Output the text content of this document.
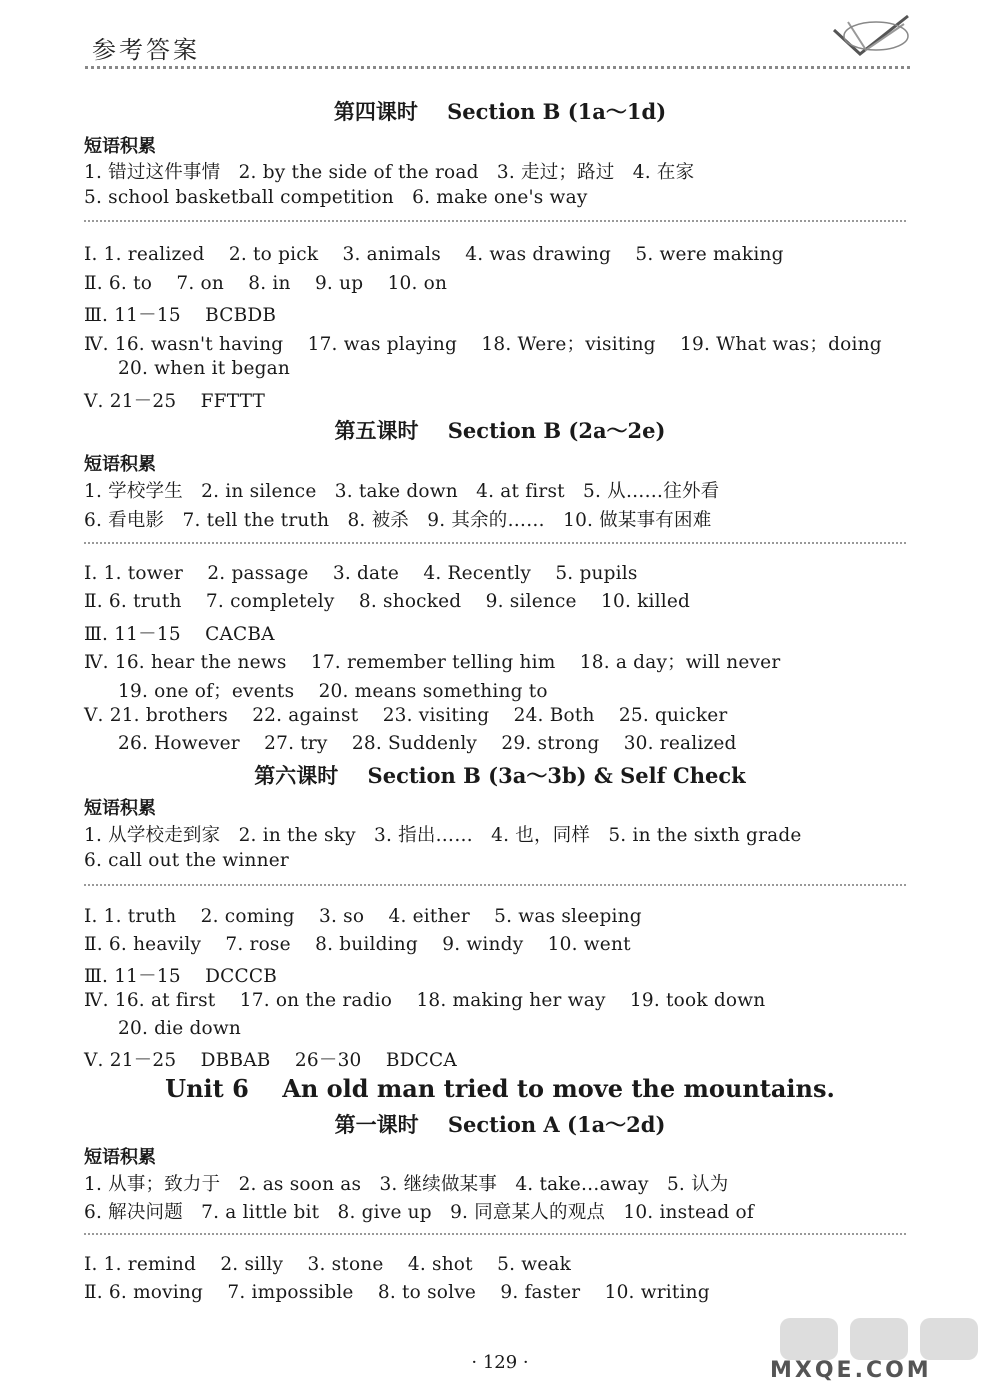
参考答案
第四课时    Section B (1a～1d)
短语积累
1. 错过这件事情   2. by the side of the road   3. 走过；路过   4. 在家
5. school basketball competition   6. make one's way
Ⅰ. 1. realized    2. to pick    3. animals    4. was drawing    5. were making
Ⅱ. 6. to    7. on    8. in    9. up    10. on
Ⅲ. 11－15    BCBDB
Ⅳ. 16. wasn't having    17. was playing    18. Were；visiting    19. What was；doing
20. when it began
Ⅴ. 21－25    FFTTT
第五课时    Section B (2a～2e)
短语积累
1. 学校学生   2. in silence   3. take down   4. at first   5. 从……往外看
6. 看电影   7. tell the truth   8. 被杀   9. 其余的……   10. 做某事有困难
Ⅰ. 1. tower    2. passage    3. date    4. Recently    5. pupils
Ⅱ. 6. truth    7. completely    8. shocked    9. silence    10. killed
Ⅲ. 11－15    CACBA
Ⅳ. 16. hear the news    17. remember telling him    18. a day；will never
19. one of；events    20. means something to
Ⅴ. 21. brothers    22. against    23. visiting    24. Both    25. quicker
26. However    27. try    28. Suddenly    29. strong    30. realized
第六课时    Section B (3a～3b) & Self Check
短语积累
1. 从学校走到家   2. in the sky   3. 指出……   4. 也，同样   5. in the sixth grade
6. call out the winner
Ⅰ. 1. truth    2. coming    3. so    4. either    5. was sleeping
Ⅱ. 6. heavily    7. rose    8. building    9. windy    10. went
Ⅲ. 11－15    DCCCB
Ⅳ. 16. at first    17. on the radio    18. making her way    19. took down
20. die down
Ⅴ. 21－25    DBBAB    26－30    BDCCA
Unit 6    An old man tried to move the mountains.
第一课时    Section A (1a～2d)
短语积累
1. 从事；致力于   2. as soon as   3. 继续做某事   4. take…away   5. 认为
6. 解决问题   7. a little bit   8. give up   9. 同意某人的观点   10. instead of
Ⅰ. 1. remind    2. silly    3. stone    4. shot    5. weak
Ⅱ. 6. moving    7. impossible    8. to solve    9. faster    10. writing
· 129 ·	MXQE.COM
